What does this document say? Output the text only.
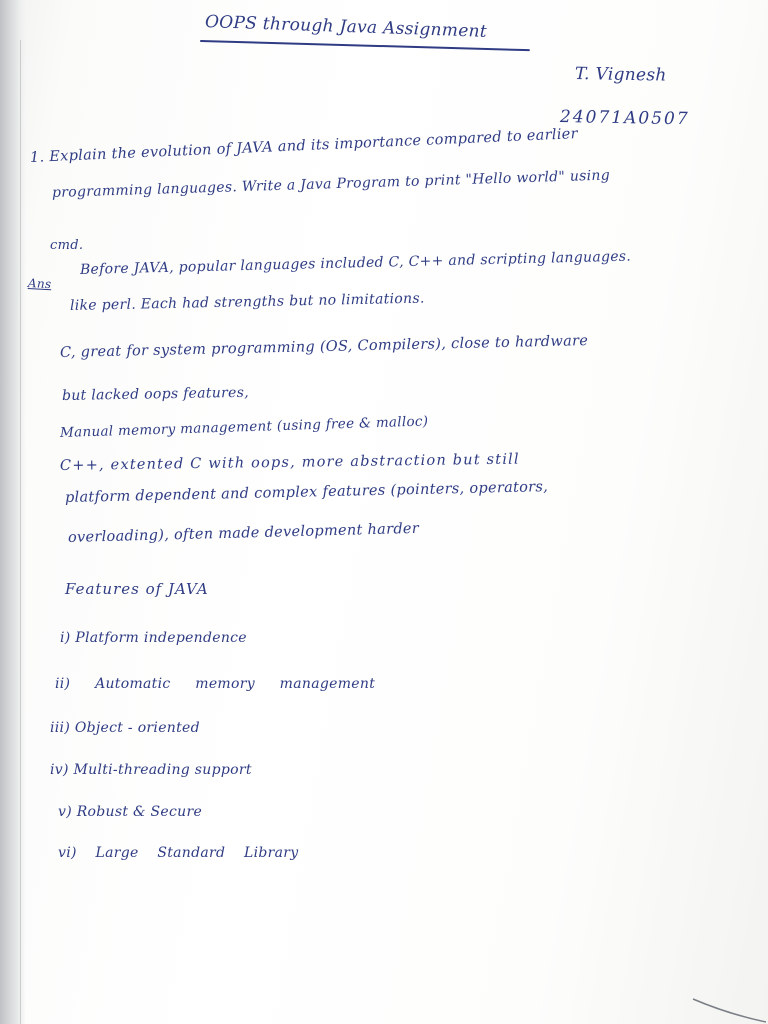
OOPS through Java Assignment
T. Vignesh
24071A0507
1. Explain the evolution of JAVA and its importance compared to earlier
programming languages. Write a Java Program to print "Hello world" using
cmd.
Ans
Before JAVA, popular languages included C, C++ and scripting languages.
like perl. Each had strengths but no limitations.
C, great for system programming (OS, Compilers), close to hardware
but lacked oops features,
Manual memory management (using free & malloc)
C++, extented C with oops, more abstraction but still
platform dependent and complex features (pointers, operators,
overloading), often made development harder
Features of JAVA
i) Platform independence
ii) Automatic memory management
iii) Object - oriented
iv) Multi-threading support
v) Robust & Secure
vi) Large Standard Library
